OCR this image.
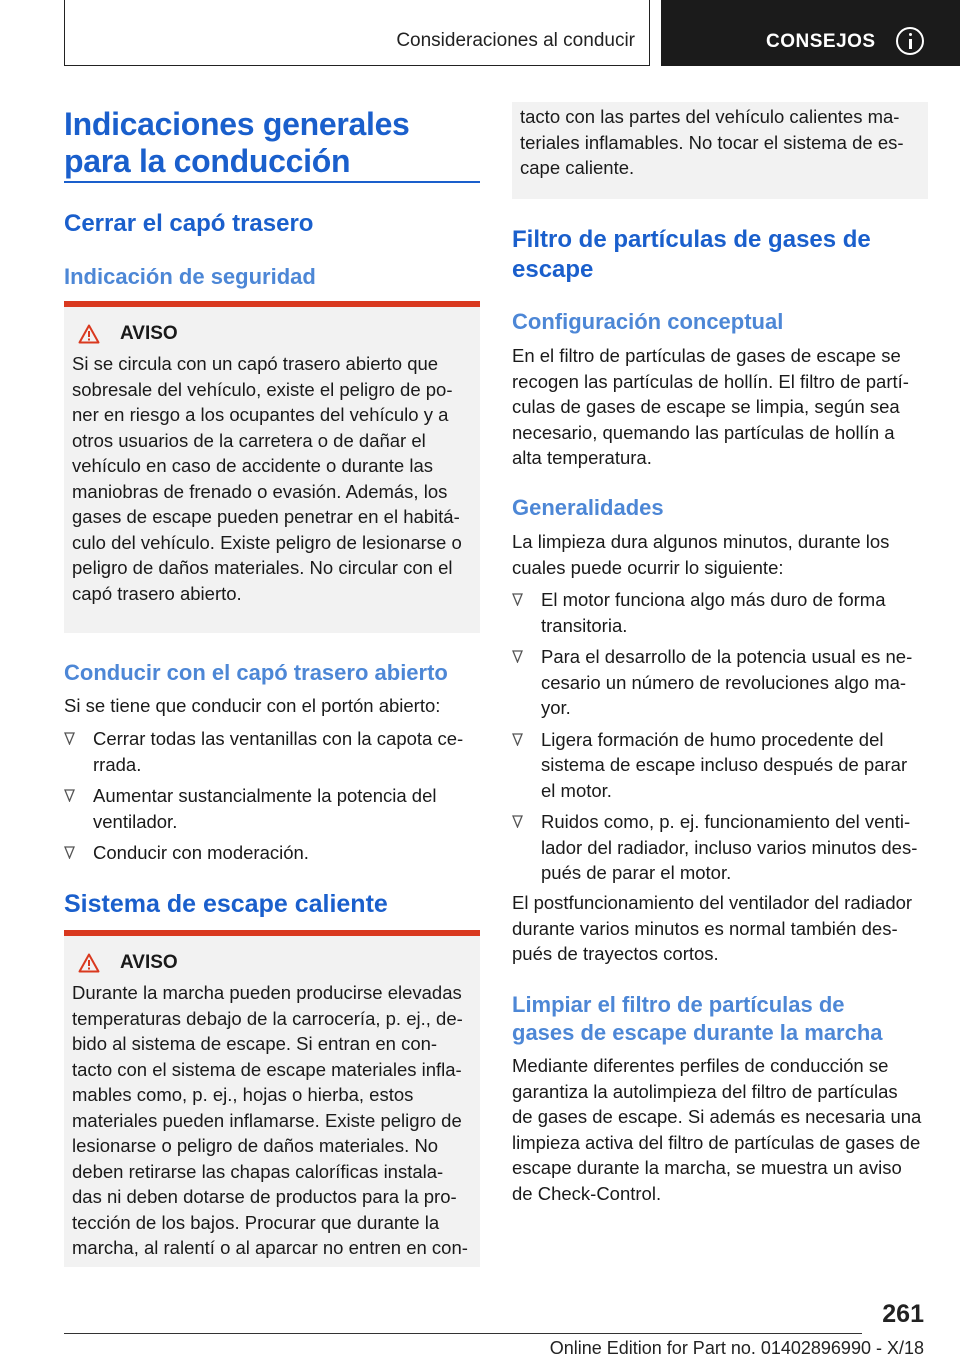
Consideraciones al conducir	CONSEJOS
Indicaciones generales
para la conducción
Cerrar el capó trasero
Indicación de seguridad
AVISO
Si se circula con un capó trasero abierto que
sobresale del vehículo, existe el peligro de po-
ner en riesgo a los ocupantes del vehículo y a
otros usuarios de la carretera o de dañar el
vehículo en caso de accidente o durante las
maniobras de frenado o evasión. Además, los
gases de escape pueden penetrar en el habitá-
culo del vehículo. Existe peligro de lesionarse o
peligro de daños materiales. No circular con el
capó trasero abierto.
Conducir con el capó trasero abierto
Si se tiene que conducir con el portón abierto:
Cerrar todas las ventanillas con la capota ce-
rrada.
Aumentar sustancialmente la potencia del
ventilador.
Conducir con moderación.
Sistema de escape caliente
AVISO
Durante la marcha pueden producirse elevadas
temperaturas debajo de la carrocería, p. ej., de-
bido al sistema de escape. Si entran en con-
tacto con el sistema de escape materiales infla-
mables como, p. ej., hojas o hierba, estos
materiales pueden inflamarse. Existe peligro de
lesionarse o peligro de daños materiales. No
deben retirarse las chapas caloríficas instala-
das ni deben dotarse de productos para la pro-
tección de los bajos. Procurar que durante la
marcha, al ralentí o al aparcar no entren en con-
tacto con las partes del vehículo calientes ma-
teriales inflamables. No tocar el sistema de es-
cape caliente.
Filtro de partículas de gases de
escape
Configuración conceptual
En el filtro de partículas de gases de escape se
recogen las partículas de hollín. El filtro de partí-
culas de gases de escape se limpia, según sea
necesario, quemando las partículas de hollín a
alta temperatura.
Generalidades
La limpieza dura algunos minutos, durante los
cuales puede ocurrir lo siguiente:
El motor funciona algo más duro de forma
transitoria.
Para el desarrollo de la potencia usual es ne-
cesario un número de revoluciones algo ma-
yor.
Ligera formación de humo procedente del
sistema de escape incluso después de parar
el motor.
Ruidos como, p. ej. funcionamiento del venti-
lador del radiador, incluso varios minutos des-
pués de parar el motor.
El postfuncionamiento del ventilador del radiador
durante varios minutos es normal también des-
pués de trayectos cortos.
Limpiar el filtro de partículas de
gases de escape durante la marcha
Mediante diferentes perfiles de conducción se
garantiza la autolimpieza del filtro de partículas
de gases de escape. Si además es necesaria una
limpieza activa del filtro de partículas de gases de
escape durante la marcha, se muestra un aviso
de Check-Control.
261
Online Edition for Part no. 01402896990 - X/18
